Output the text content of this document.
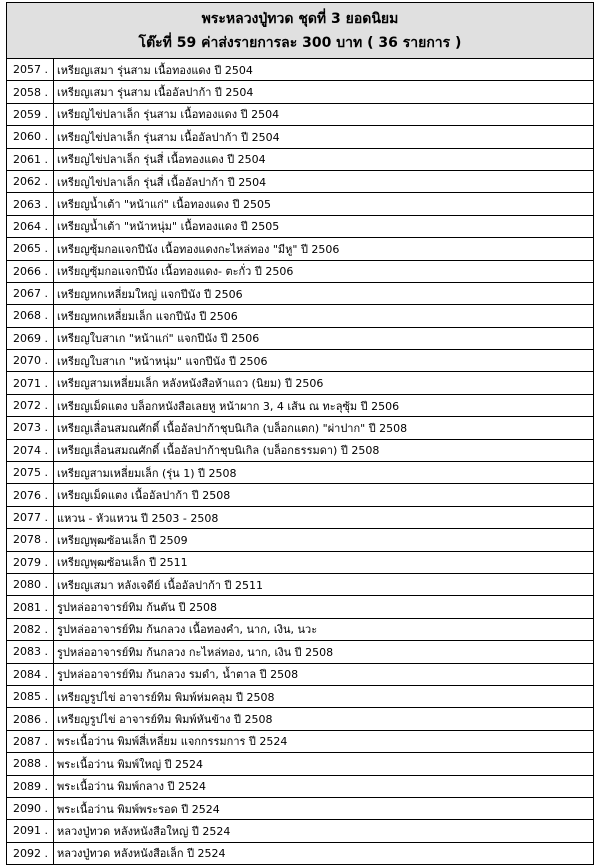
พระหลวงปู่ทวด ชุดที่ 3 ยอดนิยม
โต๊ะที่ 59 ค่าส่งรายการละ 300 บาท ( 36 รายการ )
2057 .	เหรียญเสมา รุ่นสาม เนื้อทองแดง ปี 2504
2058 .	เหรียญเสมา รุ่นสาม เนื้ออัลปาก้า ปี 2504
2059 .	เหรียญไข่ปลาเล็ก รุ่นสาม เนื้อทองแดง ปี 2504
2060 .	เหรียญไข่ปลาเล็ก รุ่นสาม เนื้ออัลปาก้า ปี 2504
2061 .	เหรียญไข่ปลาเล็ก รุ่นสี่ เนื้อทองแดง ปี 2504
2062 .	เหรียญไข่ปลาเล็ก รุ่นสี่ เนื้ออัลปาก้า ปี 2504
2063 .	เหรียญน้ำเต้า "หน้าแก่" เนื้อทองแดง ปี 2505
2064 .	เหรียญน้ำเต้า "หน้าหนุ่ม" เนื้อทองแดง ปี 2505
2065 .	เหรียญซุ้มกอแจกปีนัง เนื้อทองแดงกะไหล่ทอง "มีหู" ปี 2506
2066 .	เหรียญซุ้มกอแจกปีนัง เนื้อทองแดง- ตะกั่ว ปี 2506
2067 .	เหรียญหกเหลี่ยมใหญ่ แจกปีนัง ปี 2506
2068 .	เหรียญหกเหลี่ยมเล็ก แจกปีนัง ปี 2506
2069 .	เหรียญใบสาเก "หน้าแก่" แจกปีนัง ปี 2506
2070 .	เหรียญใบสาเก "หน้าหนุ่ม" แจกปีนัง ปี 2506
2071 .	เหรียญสามเหลี่ยมเล็ก หลังหนังสือห้าแถว (นิยม) ปี 2506
2072 .	เหรียญเม็ดแตง บล็อกหนังสือเลยหู หน้าผาก 3, 4 เส้น ณ ทะลุซุ้ม ปี 2506
2073 .	เหรียญเลื่อนสมณศักดิ์ เนื้ออัลปาก้าชุบนิเกิล (บล็อกแตก) "ผ่าปาก" ปี 2508
2074 .	เหรียญเลื่อนสมณศักดิ์ เนื้ออัลปาก้าชุบนิเกิล (บล็อกธรรมดา) ปี 2508
2075 .	เหรียญสามเหลี่ยมเล็ก (รุ่น 1) ปี 2508
2076 .	เหรียญเม็ดแตง เนื้ออัลปาก้า ปี 2508
2077 .	แหวน - หัวแหวน ปี 2503 - 2508
2078 .	เหรียญพุฒซ้อนเล็ก ปี 2509
2079 .	เหรียญพุฒซ้อนเล็ก ปี 2511
2080 .	เหรียญเสมา หลังเจดีย์ เนื้ออัลปาก้า ปี 2511
2081 .	รูปหล่ออาจารย์ทิม ก้นตัน ปี 2508
2082 .	รูปหล่ออาจารย์ทิม ก้นกลวง เนื้อทองคำ, นาก, เงิน, นวะ
2083 .	รูปหล่ออาจารย์ทิม ก้นกลวง กะไหล่ทอง, นาก, เงิน ปี 2508
2084 .	รูปหล่ออาจารย์ทิม ก้นกลวง รมดำ, น้ำตาล ปี 2508
2085 .	เหรียญรูปไข่ อาจารย์ทิม พิมพ์ห่มคลุม ปี 2508
2086 .	เหรียญรูปไข่ อาจารย์ทิม พิมพ์หันข้าง ปี 2508
2087 .	พระเนื้อว่าน พิมพ์สี่เหลี่ยม แจกกรรมการ ปี 2524
2088 .	พระเนื้อว่าน พิมพ์ใหญ่ ปี 2524
2089 .	พระเนื้อว่าน พิมพ์กลาง ปี 2524
2090 .	พระเนื้อว่าน พิมพ์พระรอด ปี 2524
2091 .	หลวงปู่ทวด หลังหนังสือใหญ่ ปี 2524
2092 .	หลวงปู่ทวด หลังหนังสือเล็ก ปี 2524
